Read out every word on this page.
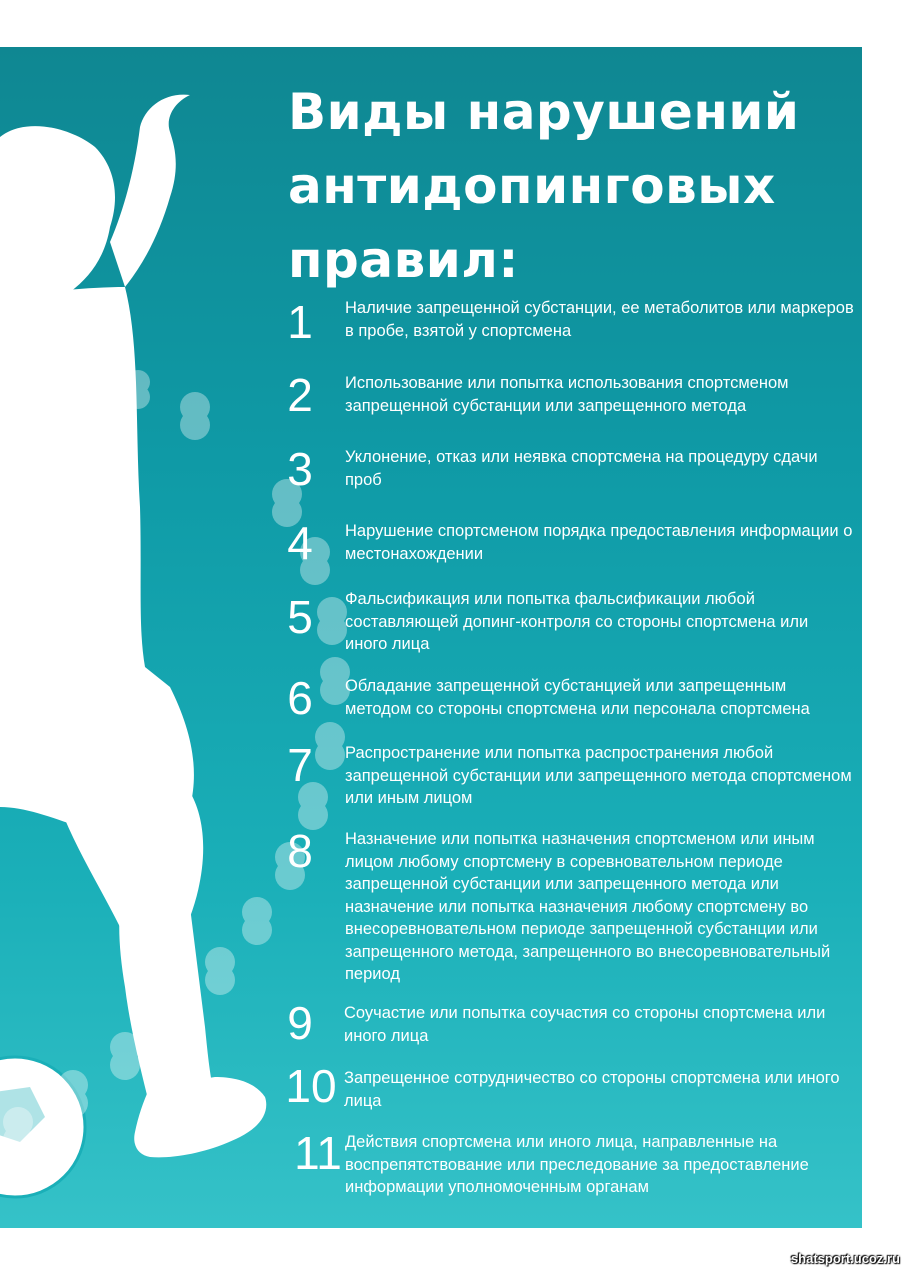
Виды нарушений
антидопинговых
правил:
1	Наличие запрещенной субстанции, ее метаболитов или маркеров в пробе, взятой у спортсмена
2	Использование или попытка использования спортсменом запрещенной субстанции или запрещенного метода
3	Уклонение, отказ или неявка спортсмена на процедуру сдачи проб
4	Нарушение спортсменом порядка предоставления информации о местонахождении
5	Фальсификация или попытка фальсификации любой составляющей допинг-контроля со стороны спортсмена или иного лица
6	Обладание запрещенной субстанцией или запрещенным методом со стороны спортсмена или персонала спортсмена
7	Распространение или попытка распространения любой запрещенной субстанции или запрещенного метода спортсменом или иным лицом
8	Назначение или попытка назначения спортсменом или иным лицом любому спортсмену в соревновательном периоде запрещенной субстанции или запрещенного метода или назначение или попытка назначения любому спортсмену во внесоревновательном периоде запрещенной субстанции или запрещенного метода, запрещенного во внесоревновательный период
9	Соучастие или попытка соучастия со стороны спортсмена или иного лица
10 Запрещенное сотрудничество со стороны спортсмена или иного лица
11 Действия спортсмена или иного лица, направленные на воспрепятствование или преследование за предоставление информации уполномоченным органам
shatsport.ucoz.ru
